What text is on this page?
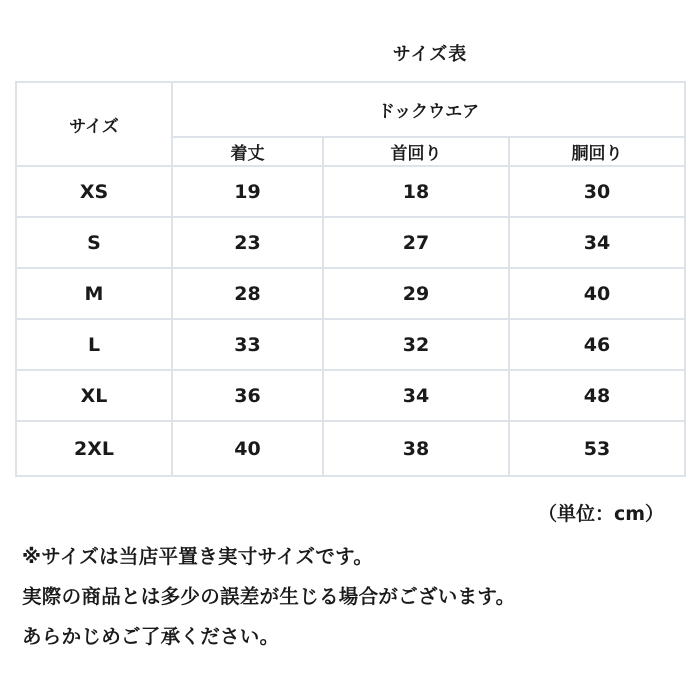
サイズ表
サイズ	ドックウエア		
	着丈	首回り	胴回り
XS	19	18	30
S	23	27	34
M	28	29	40
L	33	32	46
XL	36	34	48
2XL	40	38	53
（単位：cm）
※サイズは当店平置き実寸サイズです。
実際の商品とは多少の誤差が生じる場合がございます。
あらかじめご了承ください。
